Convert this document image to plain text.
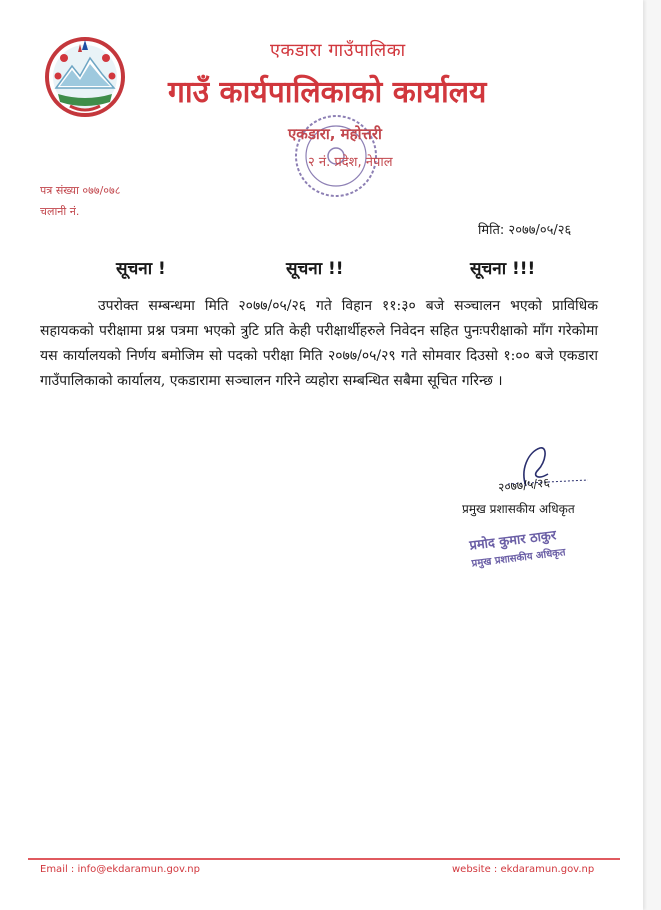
एकडारा गाउँपालिका
गाउँ कार्यपालिकाको कार्यालय
एकडारा, महोत्तरी
२ नं. प्रदेश, नेपाल
पत्र संख्या ०७७/०७८
चलानी नं.
मिति: २०७७/०५/२६
सूचना !	सूचना !!	सूचना !!!
उपरोक्त सम्बन्धमा मिति २०७७/०५/२६ गते विहान ११:३० बजे सञ्चालन भएको प्राविधिक सहायकको परीक्षामा प्रश्न पत्रमा भएको त्रुटि प्रति केही परीक्षार्थीहरुले निवेदन सहित पुनःपरीक्षाको माँग गरेकोमा यस कार्यालयको निर्णय बमोजिम सो पदको परीक्षा मिति २०७७/०५/२९ गते सोमवार दिउसो १:०० बजे एकडारा गाउँपालिकाको कार्यालय, एकडारामा सञ्चालन गरिने व्यहोरा सम्बन्धित सबैमा सूचित गरिन्छ ।
२०७७/५/२६
प्रमुख प्रशासकीय अधिकृत
प्रमोद कुमार ठाकुर
प्रमुख प्रशासकीय अधिकृत
Email : info@ekdaramun.gov.np	website : ekdaramun.gov.np
